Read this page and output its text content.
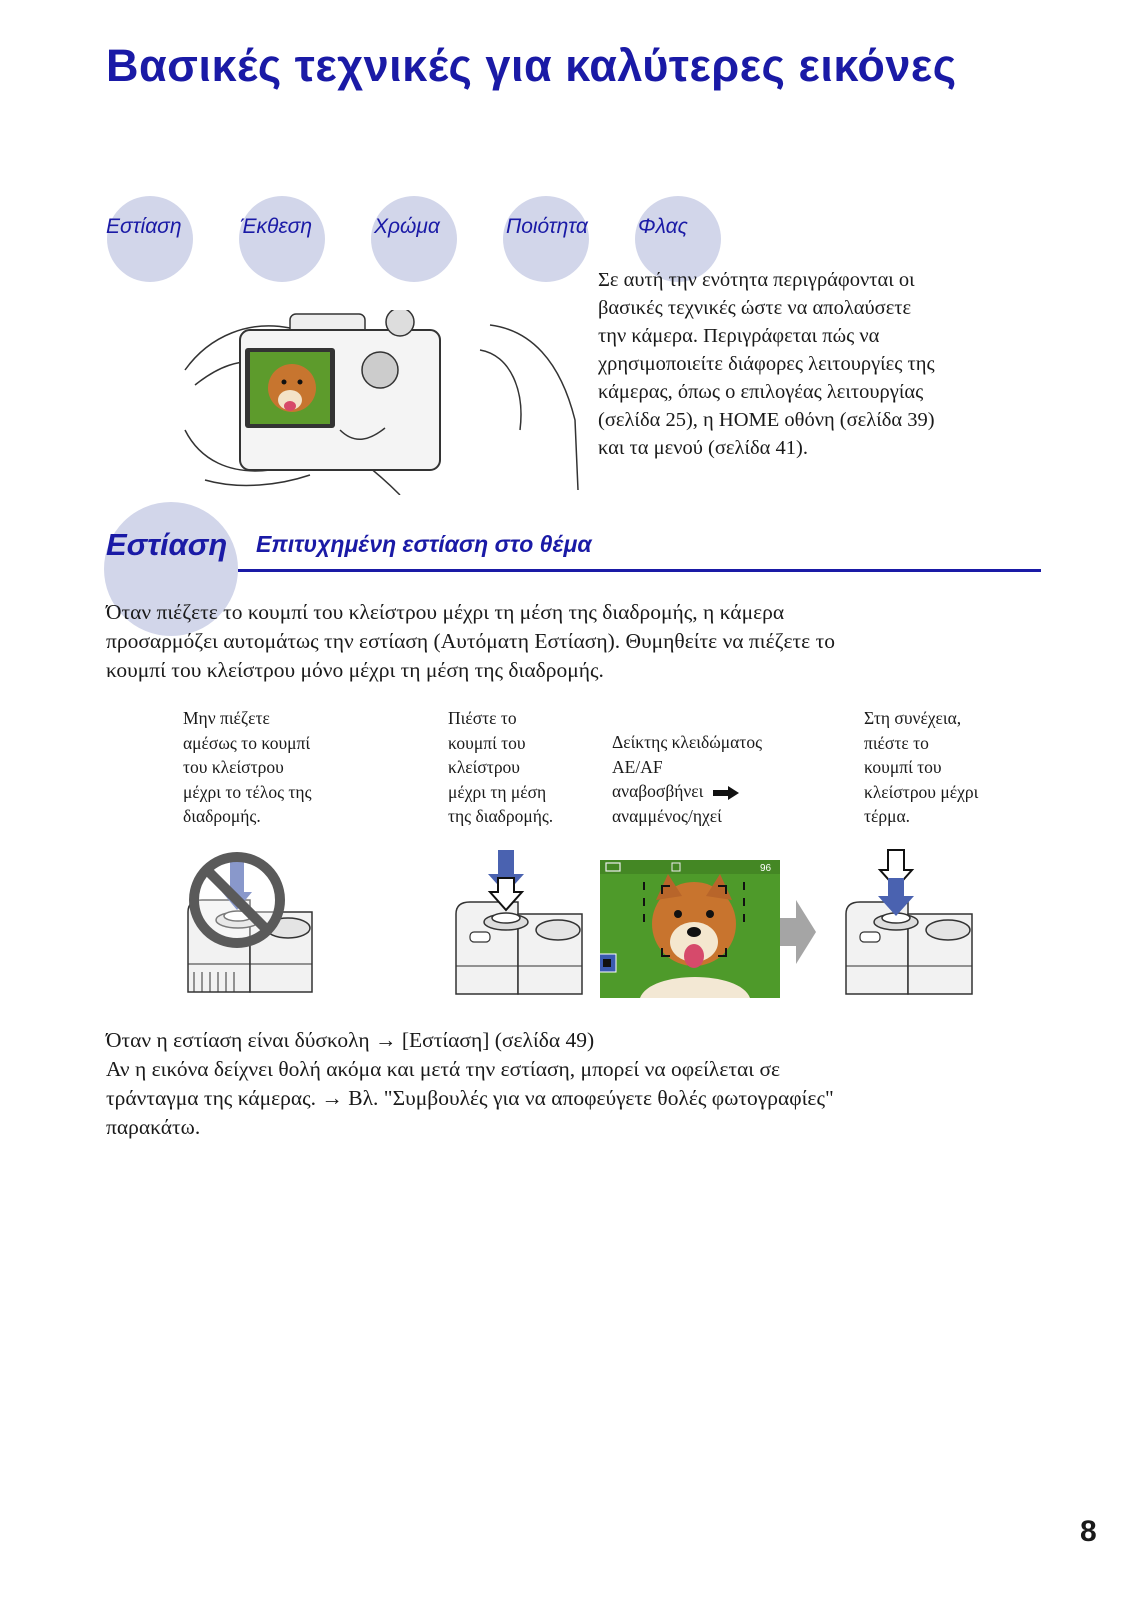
Βασικές τεχνικές για καλύτερες εικόνες
Εστίαση	Έκθεση	Χρώμα	Ποιότητα Φλας
Σε αυτή την ενότητα περιγράφονται οι
βασικές τεχνικές ώστε να απολαύσετε
την κάμερα. Περιγράφεται πώς να
χρησιμοποιείτε διάφορες λειτουργίες της
κάμερας, όπως ο επιλογέας λειτουργίας
(σελίδα 25), η HOME οθόνη (σελίδα 39)
και τα μενού (σελίδα 41).
Εστίαση Επιτυχημένη εστίαση στο θέμα
Όταν πιέζετε το κουμπί του κλείστρου μέχρι τη μέση της διαδρομής, η κάμερα
προσαρμόζει αυτομάτως την εστίαση (Αυτόματη Εστίαση). Θυμηθείτε να πιέζετε το
κουμπί του κλείστρου μόνο μέχρι τη μέση της διαδρομής.
Μην πιέζετε
αμέσως το κουμπί
του κλείστρου
μέχρι το τέλος της
διαδρομής.
Πιέστε το
κουμπί του
κλείστρου
μέχρι τη μέση
της διαδρομής.
Δείκτης κλειδώματος
AE/AF
αναβοσβήνει
αναμμένος/ηχεί
Στη συνέχεια,
πιέστε το
κουμπί του
κλείστρου μέχρι
τέρμα.
96
Όταν η εστίαση είναι δύσκολη → [Εστίαση] (σελίδα 49)
Αν η εικόνα δείχνει θολή ακόμα και μετά την εστίαση, μπορεί να οφείλεται σε
τράνταγμα της κάμερας. → Βλ. "Συμβουλές για να αποφεύγετε θολές φωτογραφίες"
παρακάτω.
8
